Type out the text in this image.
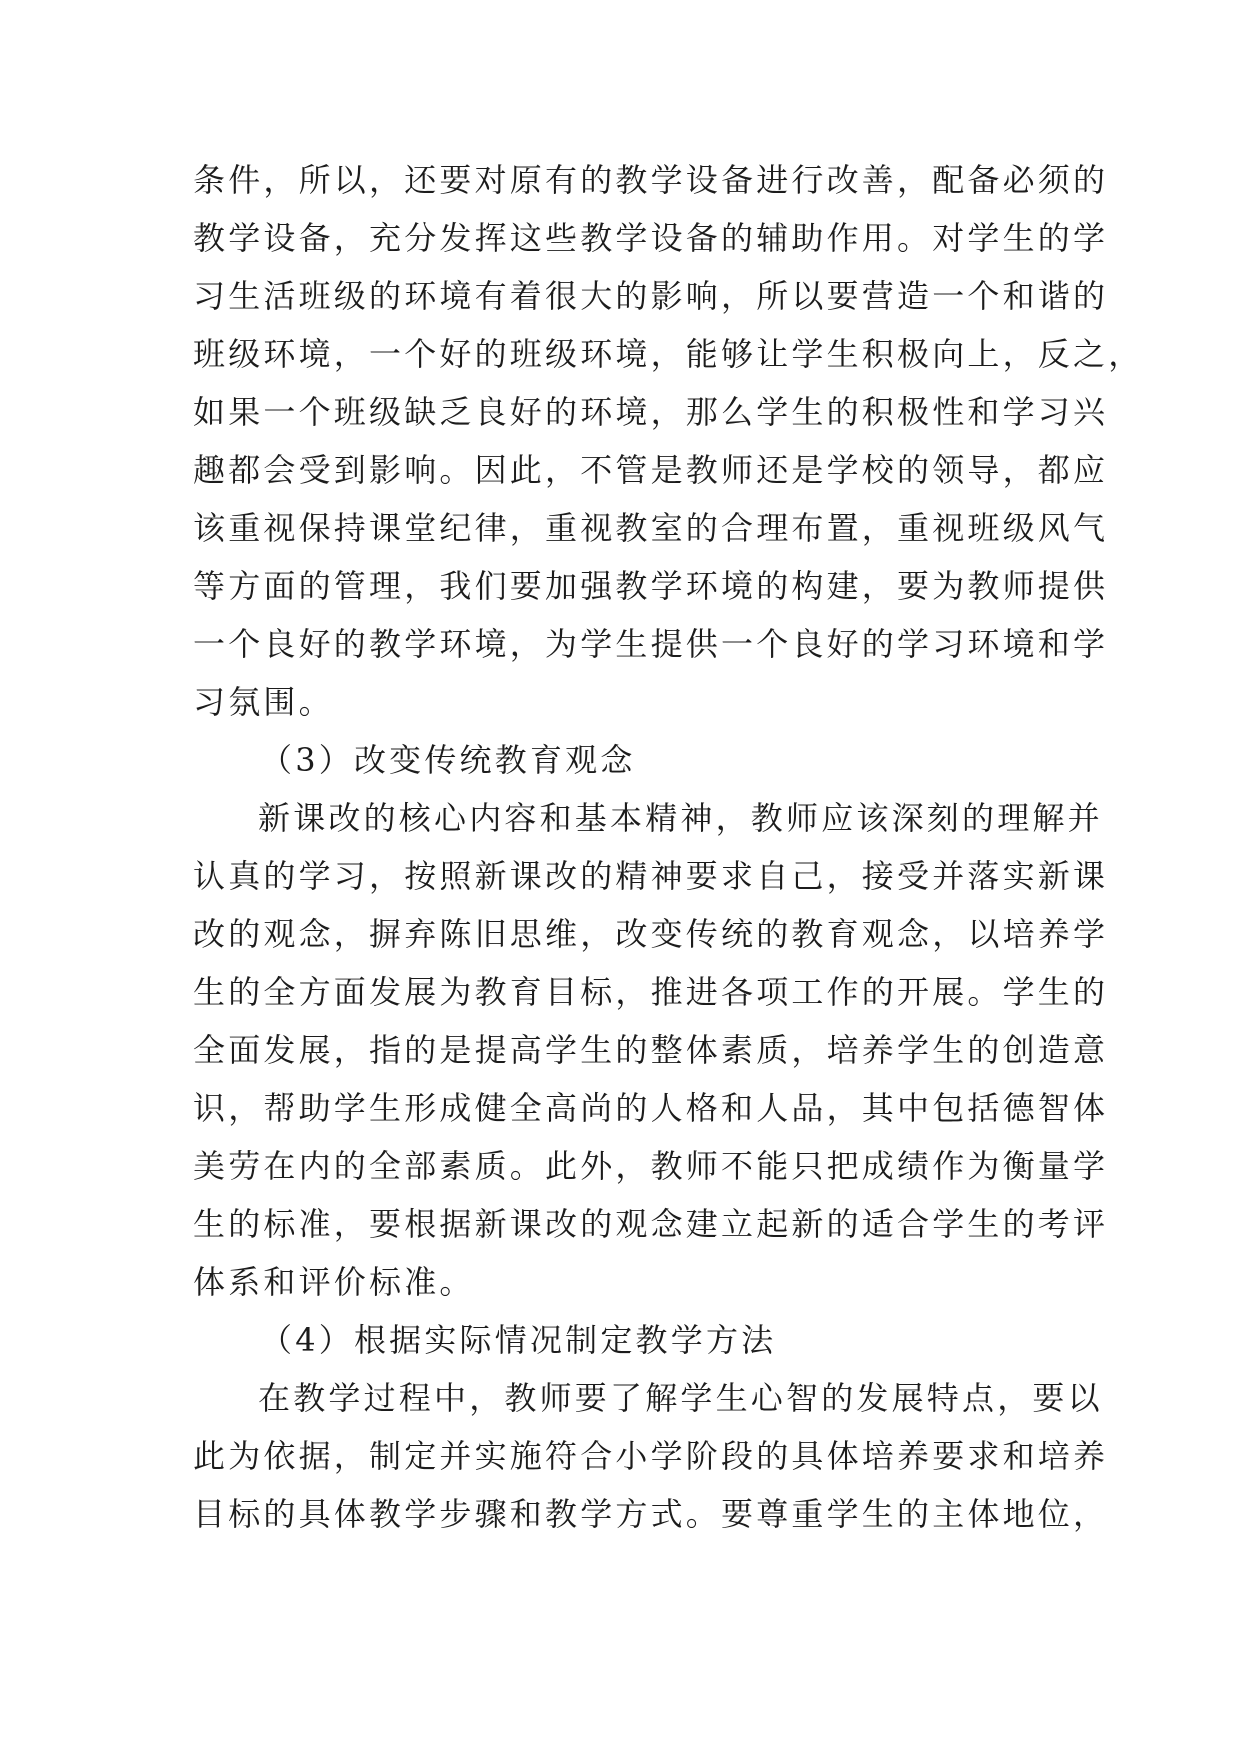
条件，所以，还要对原有的教学设备进行改善，配备必须的
教学设备，充分发挥这些教学设备的辅助作用。对学生的学
习生活班级的环境有着很大的影响，所以要营造一个和谐的
班级环境，一个好的班级环境，能够让学生积极向上，反之，
如果一个班级缺乏良好的环境，那么学生的积极性和学习兴
趣都会受到影响。因此，不管是教师还是学校的领导，都应
该重视保持课堂纪律，重视教室的合理布置，重视班级风气
等方面的管理，我们要加强教学环境的构建，要为教师提供
一个良好的教学环境，为学生提供一个良好的学习环境和学
习氛围。
（3）改变传统教育观念
新课改的核心内容和基本精神，教师应该深刻的理解并
认真的学习，按照新课改的精神要求自己，接受并落实新课
改的观念，摒弃陈旧思维，改变传统的教育观念，以培养学
生的全方面发展为教育目标，推进各项工作的开展。学生的
全面发展，指的是提高学生的整体素质，培养学生的创造意
识，帮助学生形成健全高尚的人格和人品，其中包括德智体
美劳在内的全部素质。此外，教师不能只把成绩作为衡量学
生的标准，要根据新课改的观念建立起新的适合学生的考评
体系和评价标准。
（4）根据实际情况制定教学方法
在教学过程中，教师要了解学生心智的发展特点，要以
此为依据，制定并实施符合小学阶段的具体培养要求和培养
目标的具体教学步骤和教学方式。要尊重学生的主体地位，
